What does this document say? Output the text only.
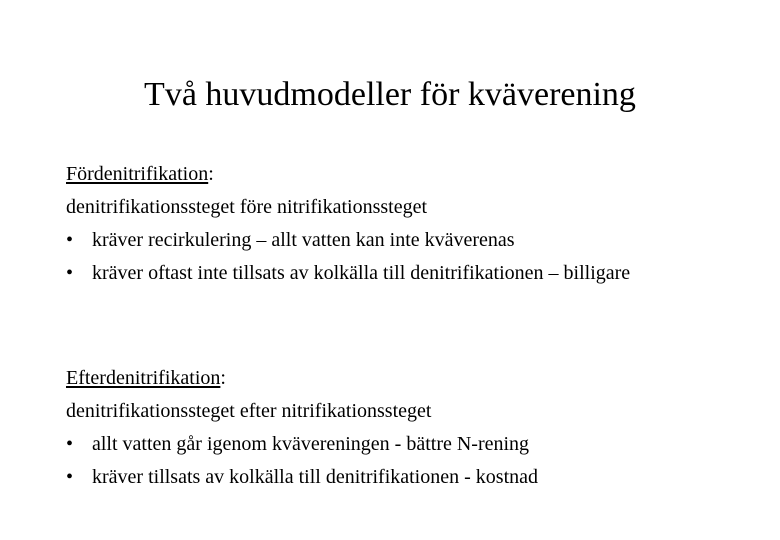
Två huvudmodeller för kväverening
Fördenitrifikation:
denitrifikationssteget före nitrifikationssteget
• kräver recirkulering – allt vatten kan inte kväverenas
• kräver oftast inte tillsats av kolkälla till denitrifikationen – billigare
Efterdenitrifikation:
denitrifikationssteget efter nitrifikationssteget
• allt vatten går igenom kvävereningen - bättre N-rening
• kräver tillsats av kolkälla till denitrifikationen - kostnad
